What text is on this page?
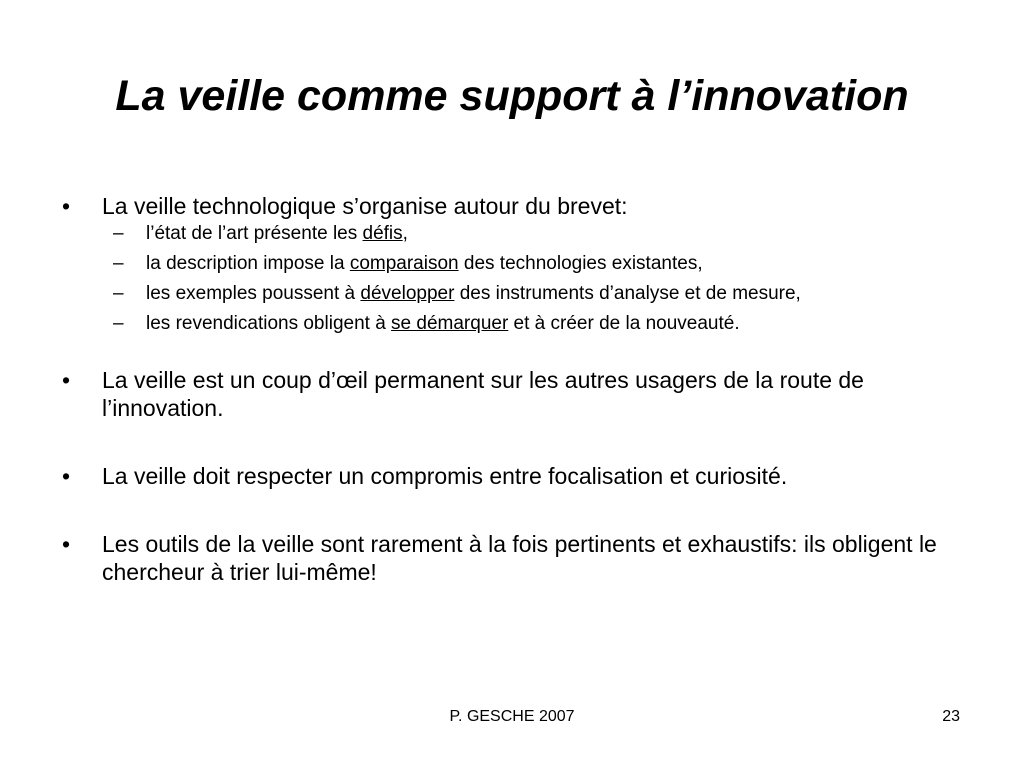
La veille comme support à l’innovation
• La veille technologique s’organise autour du brevet:
– l’état de l’art présente les défis,
– la description impose la comparaison des technologies existantes,
– les exemples poussent à développer des instruments d’analyse et de mesure,
– les revendications obligent à se démarquer et à créer de la nouveauté.
• La veille est un coup d’œil permanent sur les autres usagers de la route de l’innovation.
• La veille doit respecter un compromis entre focalisation et curiosité.
• Les outils de la veille sont rarement à la fois pertinents et exhaustifs: ils obligent le chercheur à trier lui-même!
P. GESCHE 2007	23
